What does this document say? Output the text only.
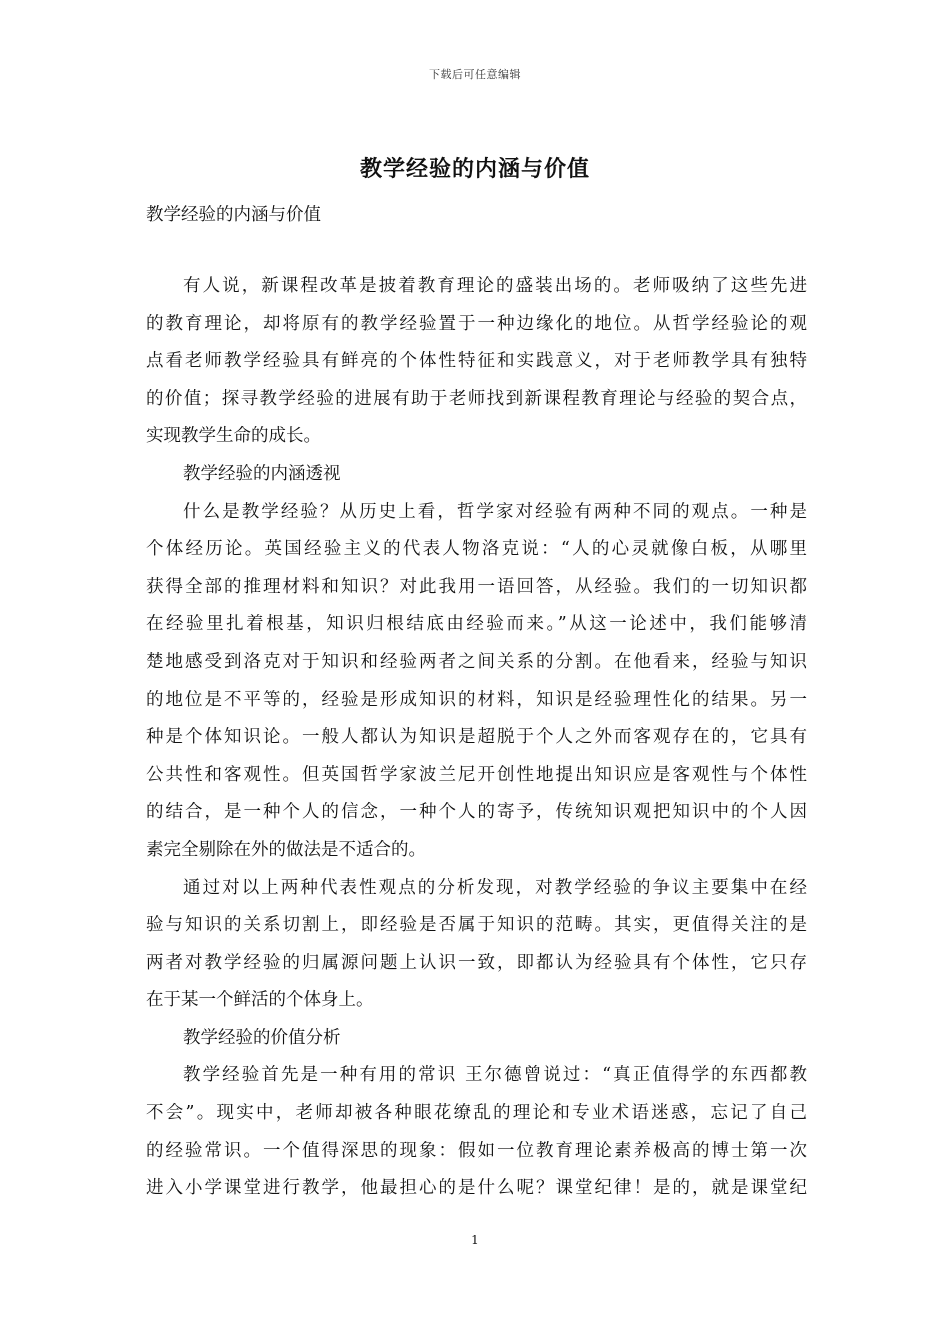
下载后可任意编辑
教学经验的内涵与价值
教学经验的内涵与价值
有人说，新课程改革是披着教育理论的盛装出场的。老师吸纳了这些先进
的教育理论，却将原有的教学经验置于一种边缘化的地位。从哲学经验论的观
点看老师教学经验具有鲜亮的个体性特征和实践意义，对于老师教学具有独特
的价值；探寻教学经验的进展有助于老师找到新课程教育理论与经验的契合点，
实现教学生命的成长。
教学经验的内涵透视
什么是教学经验？从历史上看，哲学家对经验有两种不同的观点。一种是
个体经历论。英国经验主义的代表人物洛克说：“人的心灵就像白板，从哪里
获得全部的推理材料和知识？对此我用一语回答，从经验。我们的一切知识都
在经验里扎着根基，知识归根结底由经验而来。”从这一论述中，我们能够清
楚地感受到洛克对于知识和经验两者之间关系的分割。在他看来，经验与知识
的地位是不平等的，经验是形成知识的材料，知识是经验理性化的结果。另一
种是个体知识论。一般人都认为知识是超脱于个人之外而客观存在的，它具有
公共性和客观性。但英国哲学家波兰尼开创性地提出知识应是客观性与个体性
的结合，是一种个人的信念，一种个人的寄予，传统知识观把知识中的个人因
素完全剔除在外的做法是不适合的。
通过对以上两种代表性观点的分析发现，对教学经验的争议主要集中在经
验与知识的关系切割上，即经验是否属于知识的范畴。其实，更值得关注的是
两者对教学经验的归属源问题上认识一致，即都认为经验具有个体性，它只存
在于某一个鲜活的个体身上。
教学经验的价值分析
教学经验首先是一种有用的常识 王尔德曾说过：“真正值得学的东西都教
不会”。现实中，老师却被各种眼花缭乱的理论和专业术语迷惑，忘记了自己
的经验常识。一个值得深思的现象：假如一位教育理论素养极高的博士第一次
进入小学课堂进行教学，他最担心的是什么呢？课堂纪律！是的，就是课堂纪
1
